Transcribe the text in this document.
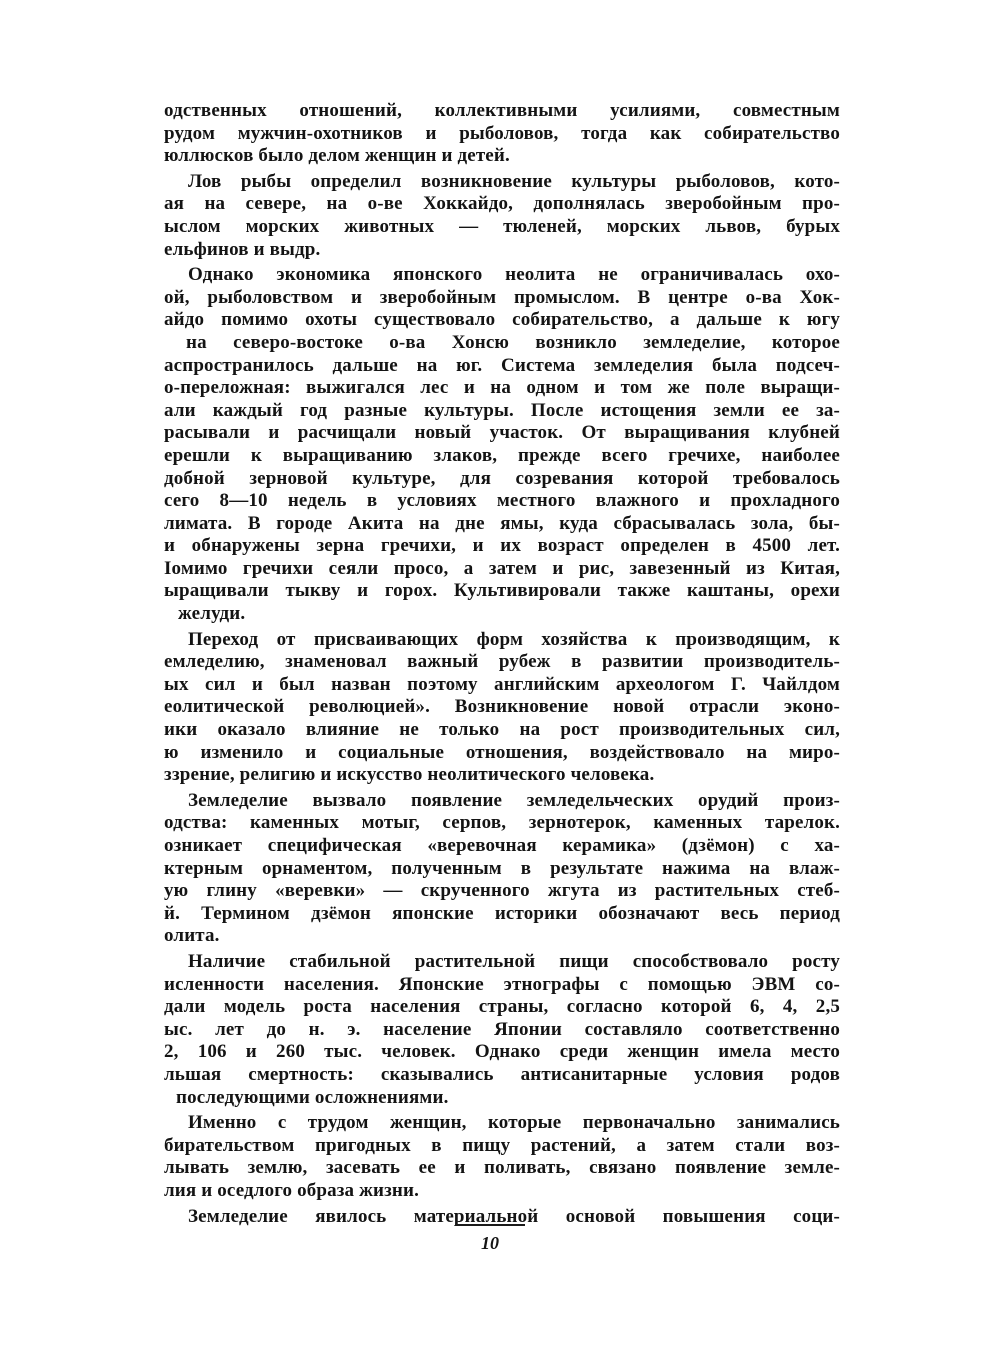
одственных отношений, коллективными усилиями, совместным
рудом мужчин-охотников и рыболовов, тогда как собирательство
юллюсков было делом женщин и детей.
Лов рыбы определил возникновение культуры рыболовов, кото-
ая на севере, на о-ве Хоккайдо, дополнялась зверобойным про-
ыслом морских животных — тюленей, морских львов, бурых
ельфинов и выдр.
Однако экономика японского неолита не ограничивалась охо-
ой, рыболовством и зверобойным промыслом. В центре о-ва Хок-
айдо помимо охоты существовало собирательство, а дальше к югу
на северо-востоке о-ва Хонсю возникло земледелие, которое
аспространилось дальше на юг. Система земледелия была подсеч-
о-переложная: выжигался лес и на одном и том же поле выращи-
али каждый год разные культуры. После истощения земли ее за-
расывали и расчищали новый участок. От выращивания клубней
ерешли к выращиванию злаков, прежде всего гречихе, наиболее
добной зерновой культуре, для созревания которой требовалось
сего 8—10 недель в условиях местного влажного и прохладного
лимата. В городе Акита на дне ямы, куда сбрасывалась зола, бы-
и обнаружены зерна гречихи, и их возраст определен в 4500 лет.
Іомимо гречихи сеяли просо, а затем и рис, завезенный из Китая,
ыращивали тыкву и горох. Культивировали также каштаны, орехи
желуди.
Переход от присваивающих форм хозяйства к производящим, к
емледелию, знаменовал важный рубеж в развитии производитель-
ых сил и был назван поэтому английским археологом Г. Чайлдом
еолитической революцией». Возникновение новой отрасли эконо-
ики оказало влияние не только на рост производительных сил,
ю изменило и социальные отношения, воздействовало на миро-
ззрение, религию и искусство неолитического человека.
Земледелие вызвало появление земледельческих орудий произ-
одства: каменных мотыг, серпов, зернотерок, каменных тарелок.
озникает специфическая «веревочная керамика» (дзёмон) с ха-
ктерным орнаментом, полученным в результате нажима на влаж-
ую глину «веревки» — скрученного жгута из растительных стеб-
й. Термином дзёмон японские историки обозначают весь период
олита.
Наличие стабильной растительной пищи способствовало росту
исленности населения. Японские этнографы с помощью ЭВМ со-
дали модель роста населения страны, согласно которой 6, 4, 2,5
ыс. лет до н. э. население Японии составляло соответственно
2, 106 и 260 тыс. человек. Однако среди женщин имела место
льшая смертность: сказывались антисанитарные условия родов
последующими осложнениями.
Именно с трудом женщин, которые первоначально занимались
бирательством пригодных в пищу растений, а затем стали воз-
лывать землю, засевать ее и поливать, связано появление земле-
лия и оседлого образа жизни.
Земледелие явилось материальной основой повышения соци-
10
